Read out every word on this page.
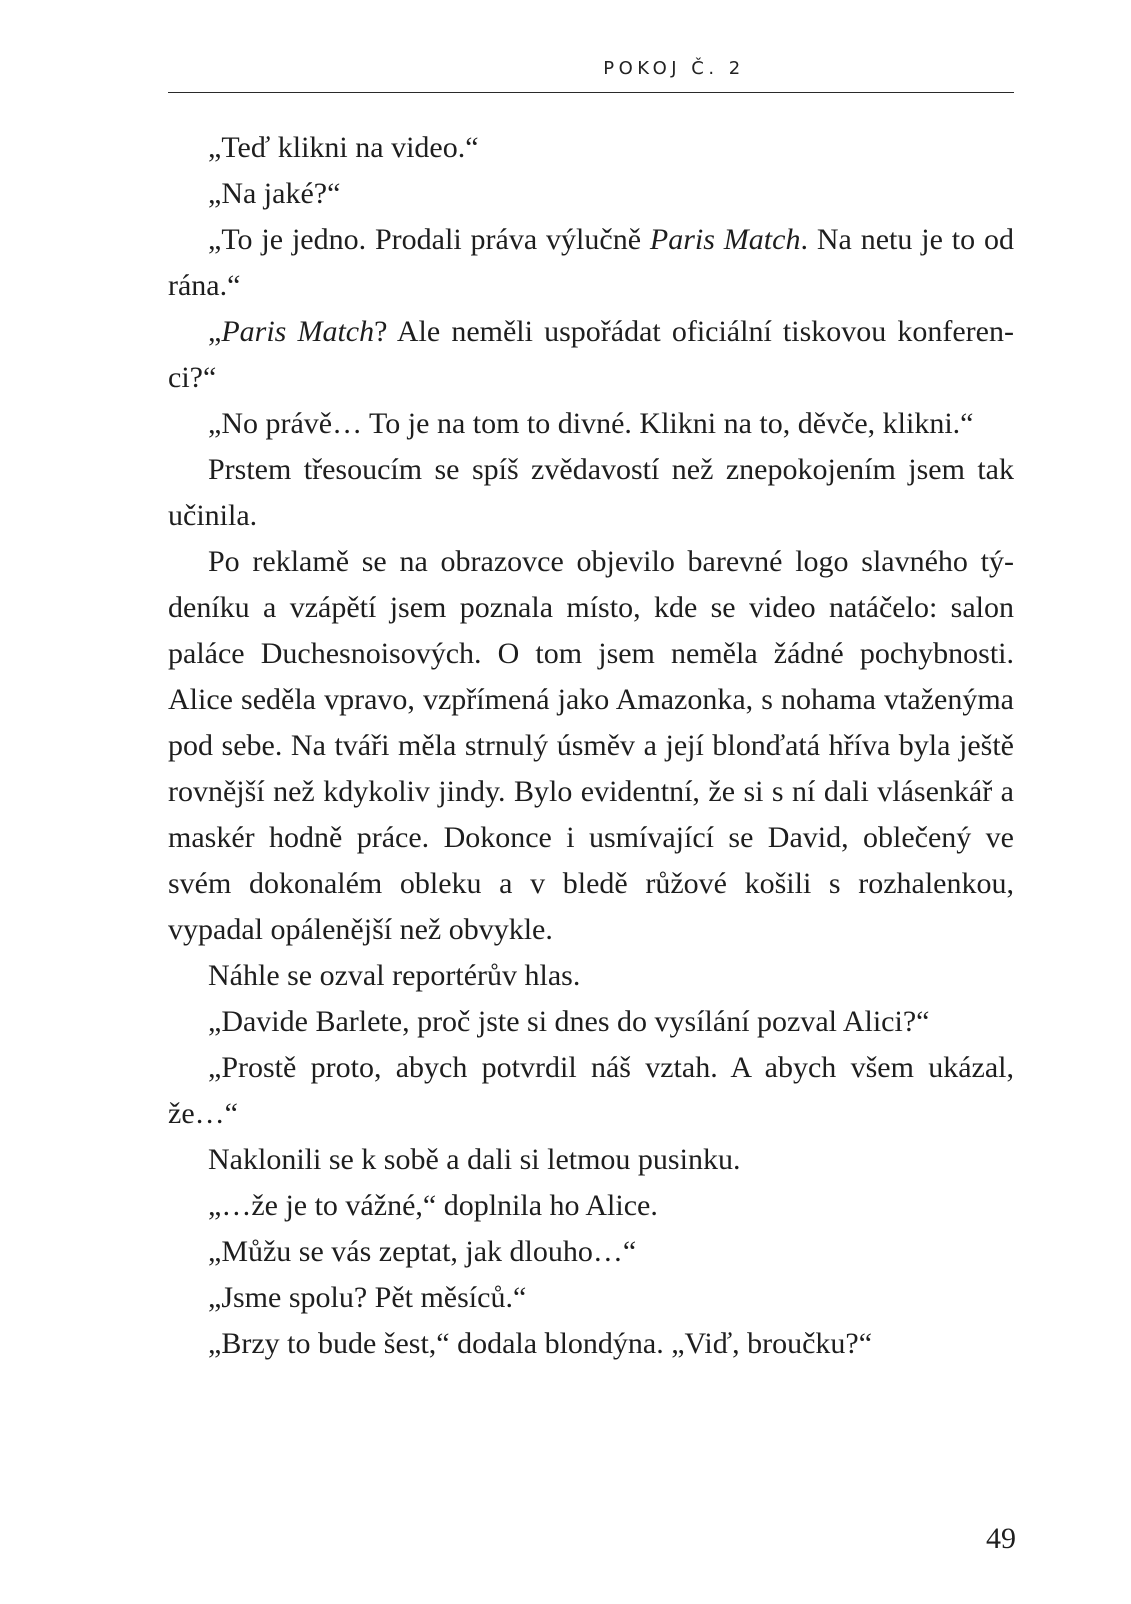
POKOJ Č. 2

„Teď klikni na video.“

„Na jaké?“

„To je jedno. Prodali práva výlučně Paris Match. Na netu je to od rána.“

„Paris Match? Ale neměli uspořádat oficiální tiskovou konferenci?“

„No právě… To je na tom to divné. Klikni na to, děvče, klikni.“

Prstem třesoucím se spíš zvědavostí než znepokojením jsem tak učinila.

Po reklamě se na obrazovce objevilo barevné logo slavného týdeníku a vzápětí jsem poznala místo, kde se video natáčelo: salon paláce Duchesnoisových. O tom jsem neměla žádné pochybnosti. Alice seděla vpravo, vzpřímená jako Amazonka, s nohama vtaženýma pod sebe. Na tváři měla strnulý úsměv a její blonďatá hříva byla ještě rovnější než kdykoliv jindy. Bylo evidentní, že si s ní dali vlásenkář a maskér hodně práce. Dokonce i usmívající se David, oblečený ve svém dokonalém obleku a v bledě růžové košili s rozhalenkou, vypadal opálenější než obvykle.

Náhle se ozval reportérův hlas.

„Davide Barlete, proč jste si dnes do vysílání pozval Alici?“

„Prostě proto, abych potvrdil náš vztah. A abych všem ukázal, že…“

Naklonili se k sobě a dali si letmou pusinku.

„…že je to vážné,“ doplnila ho Alice.

„Můžu se vás zeptat, jak dlouho…“

„Jsme spolu? Pět měsíců.“

„Brzy to bude šest,“ dodala blondýna. „Viď, broučku?“

49
